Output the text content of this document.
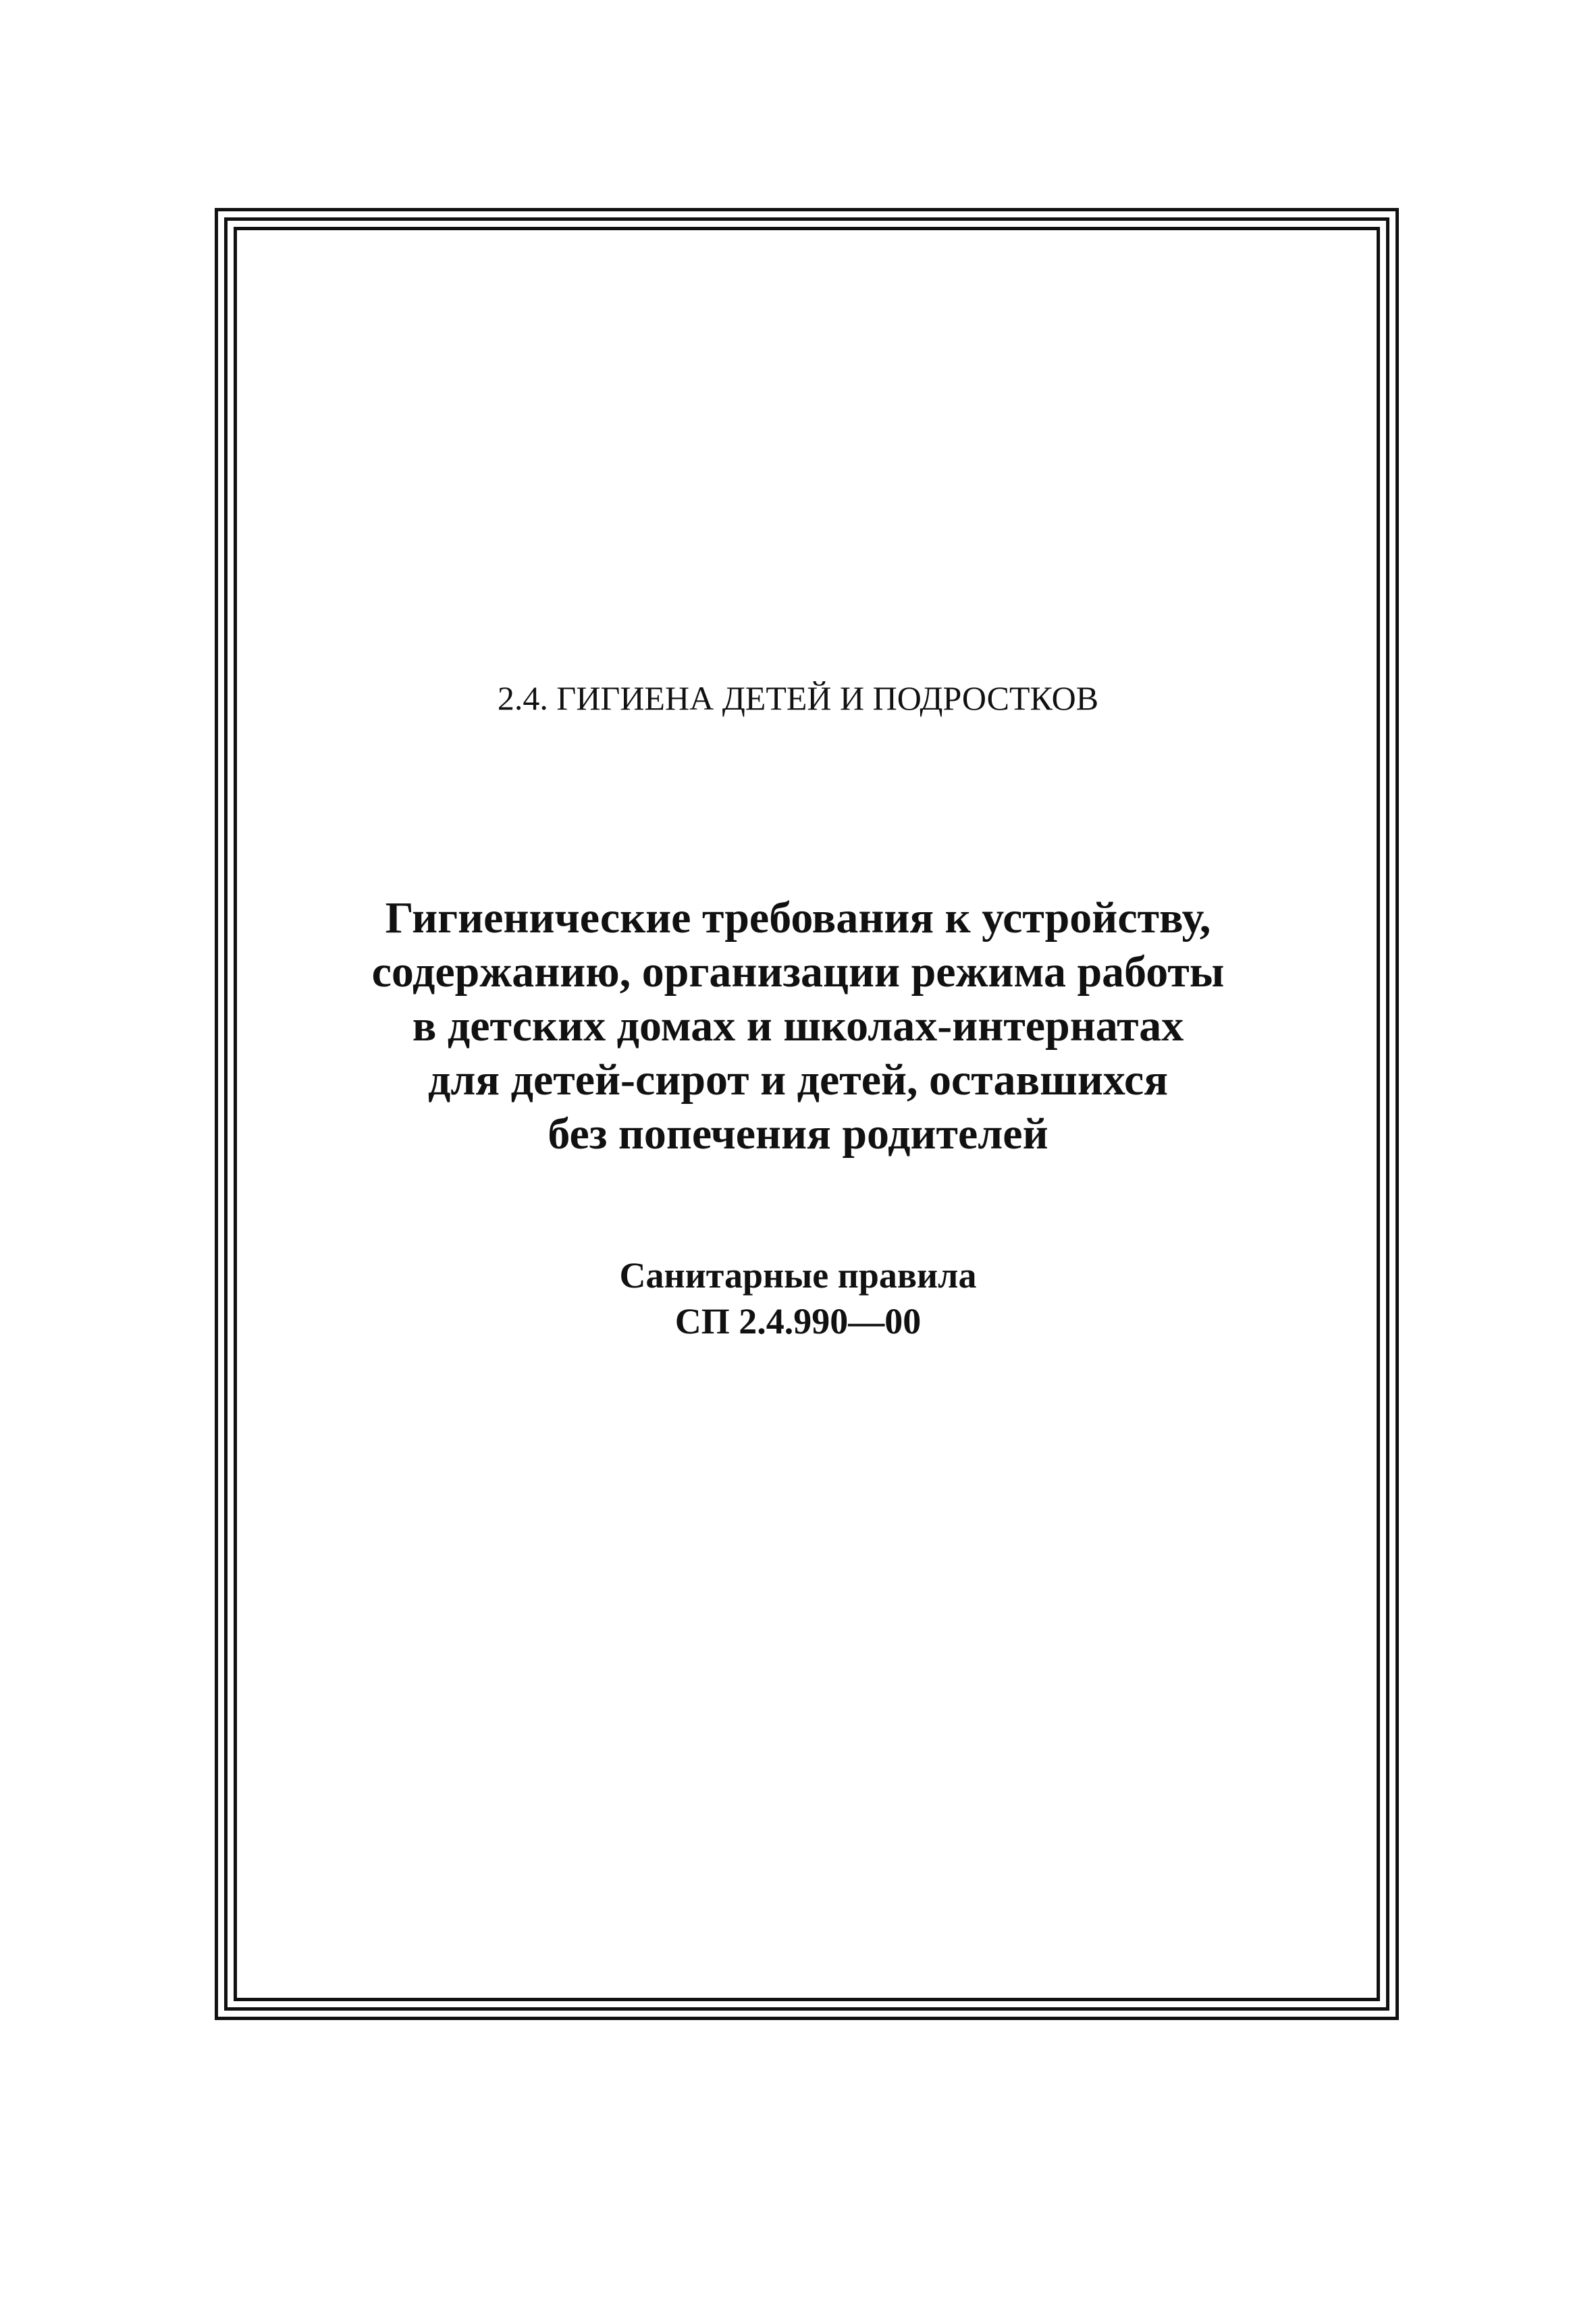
2.4. ГИГИЕНА ДЕТЕЙ И ПОДРОСТКОВ
Гигиенические требования к устройству,
содержанию, организации режима работы
в детских домах и школах-интернатах
для детей-сирот и детей, оставшихся
без попечения родителей
Санитарные правила
СП 2.4.990—00
